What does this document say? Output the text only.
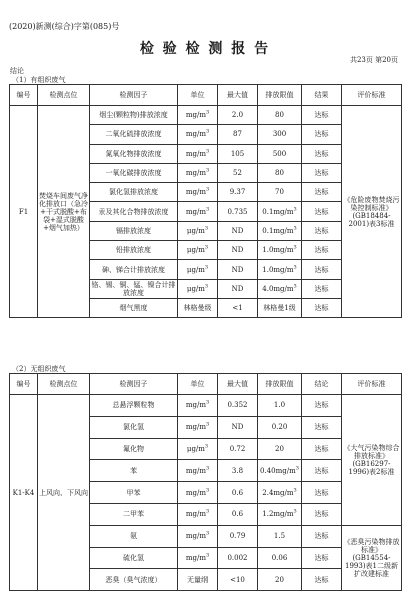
(2020)新测(综合)字第(085)号
检 验 检 测 报 告
共23页 第20页
结论
（1）有组织废气
编号	检测点位	检测因子	单位	最大值	排放限值	结果	评价标准
F1	焚烧车间废气净化排放口（急冷+干式脱酸+布袋+湿式脱酸+烟气加热）	烟尘(颗粒物)排放浓度	$mg/m^3$	2.0	80	达标	《危险废物焚烧污染控制标准》(GB18484-2001)表3标准
		二氧化硫排放浓度	$mg/m^3$	87	300	达标	
		氮氧化物排放浓度	$mg/m^3$	105	500	达标	
		一氧化碳排放浓度	$mg/m^3$	52	80	达标	
		氯化氢排放浓度	$mg/m^3$	9.37	70	达标	
		汞及其化合物排放浓度	$mg/m^3$	0.735	$0.1mg/m^3$	达标	
		镉排放浓度	$\mu g/m^3$	ND	$0.1mg/m^3$	达标	
		铅排放浓度	$\mu g/m^3$	ND	$1.0mg/m^3$	达标	
		砷、锑合计排放浓度	$\mu g/m^3$	ND	$1.0mg/m^3$	达标	
		铬、锡、铜、锰、镍合计排放浓度	$\mu g/m^3$	ND	$4.0mg/m^3$	达标	
		烟气黑度	林格曼级	<1	林格曼1级	达标	
（2）无组织废气
编号	检测点位	检测因子	单位	最大值	排放限值	结论	评价标准
K1-K4	上风向、下风向	总悬浮颗粒物	$mg/m^3$	0.352	1.0	达标	《大气污染物综合排放标准》(GB16297-1996)表2标准
		氯化氢	$mg/m^3$	ND	0.20	达标	
		氟化物	$\mu g/m^3$	0.72	20	达标	
		苯	$mg/m^3$	3.8	$0.40mg/m^3$	达标	
		甲苯	$mg/m^3$	0.6	$2.4mg/m^3$	达标	
		二甲苯	$mg/m^3$	0.6	$1.2mg/m^3$	达标	
		氨	$mg/m^3$	0.79	1.5	达标	《恶臭污染物排放标准》(GB14554-1993)表1二级新扩改建标准
		硫化氢	$mg/m^3$	0.002	0.06	达标	
		恶臭（臭气浓度）	无量纲	<10	20	达标	
